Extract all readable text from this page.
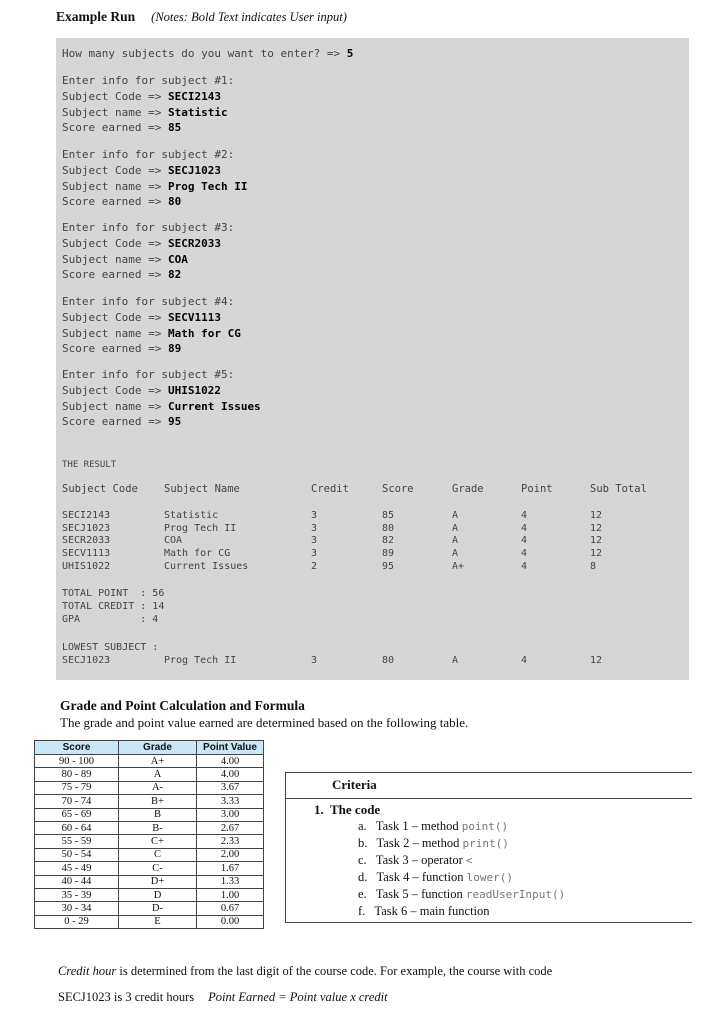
Example Run (Notes: Bold Text indicates User input)
How many subjects do you want to enter? => 5
Enter info for subject #1:
Subject Code => SECI2143
Subject name => Statistic
Score earned => 85
Enter info for subject #2:
Subject Code => SECJ1023
Subject name => Prog Tech II
Score earned => 80
Enter info for subject #3:
Subject Code => SECR2033
Subject name => COA
Score earned => 82
Enter info for subject #4:
Subject Code => SECV1113
Subject name => Math for CG
Score earned => 89
Enter info for subject #5:
Subject Code => UHIS1022
Subject name => Current Issues
Score earned => 95
THE RESULT
Subject Code Subject Name	Credit	Score	Grade	Point	Sub Total
SECI2143	Statistic	3	85	A	4	12
SECJ1023	Prog Tech II	3	80	A	4	12
SECR2033	COA	3	82	A	4	12
SECV1113	Math for CG	3	89	A	4	12
UHIS1022	Current Issues	2	95	A+	4	8
TOTAL POINT  : 56
TOTAL CREDIT : 14
GPA          : 4
LOWEST SUBJECT :
SECJ1023	Prog Tech II	3	80	A	4	12
Grade and Point Calculation and Formula
The grade and point value earned are determined based on the following table.
Score	Grade	Point Value
90 - 100	A+	4.00
80 - 89	A	4.00
75 - 79	A-	3.67
70 - 74	B+	3.33
65 - 69	B	3.00
60 - 64	B-	2.67
55 - 59	C+	2.33
50 - 54	C	2.00
45 - 49	C-	1.67
40 - 44	D+	1.33
35 - 39	D	1.00
30 - 34	D-	0.67
0 - 29	E	0.00
Criteria
1.  The code
a.   Task 1 – method point()
b.   Task 2 – method print()
c.   Task 3 – operator <
d.   Task 4 – function lower()
e.   Task 5 – function readUserInput()
f.   Task 6 – main function
Credit hour is determined from the last digit of the course code. For example, the course with code
SECJ1023 is 3 credit hours Point Earned = Point value x credit
